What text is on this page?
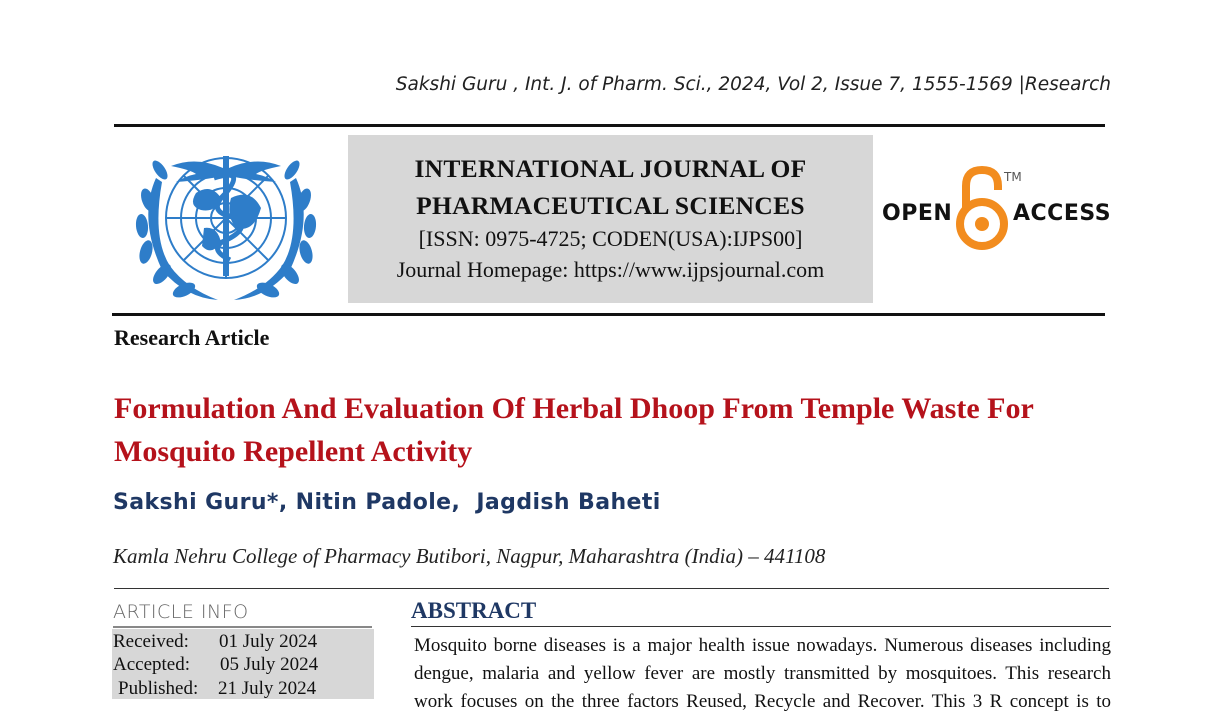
Sakshi Guru , Int. J. of Pharm. Sci., 2024, Vol 2, Issue 7, 1555-1569 |Research
INTERNATIONAL JOURNAL OF
PHARMACEUTICAL SCIENCES
[ISSN: 0975-4725; CODEN(USA):IJPS00]
Journal Homepage: https://www.ijpsjournal.com
OPEN
TM
ACCESS
Research Article
Formulation And Evaluation Of Herbal Dhoop From Temple Waste For
Mosquito Repellent Activity
Sakshi Guru*, Nitin Padole,  Jagdish Baheti
Kamla Nehru College of Pharmacy Butibori, Nagpur, Maharashtra (India) – 441108
ARTICLE INFO
Received: 01 July 2024
Accepted: 05 July 2024
Published: 21 July 2024
ABSTRACT
Mosquito borne diseases is a major health issue nowadays. Numerous diseases including
dengue, malaria and yellow fever are mostly transmitted by mosquitoes. This research
work focuses on the three factors Reused, Recycle and Recover. This 3 R concept is to
